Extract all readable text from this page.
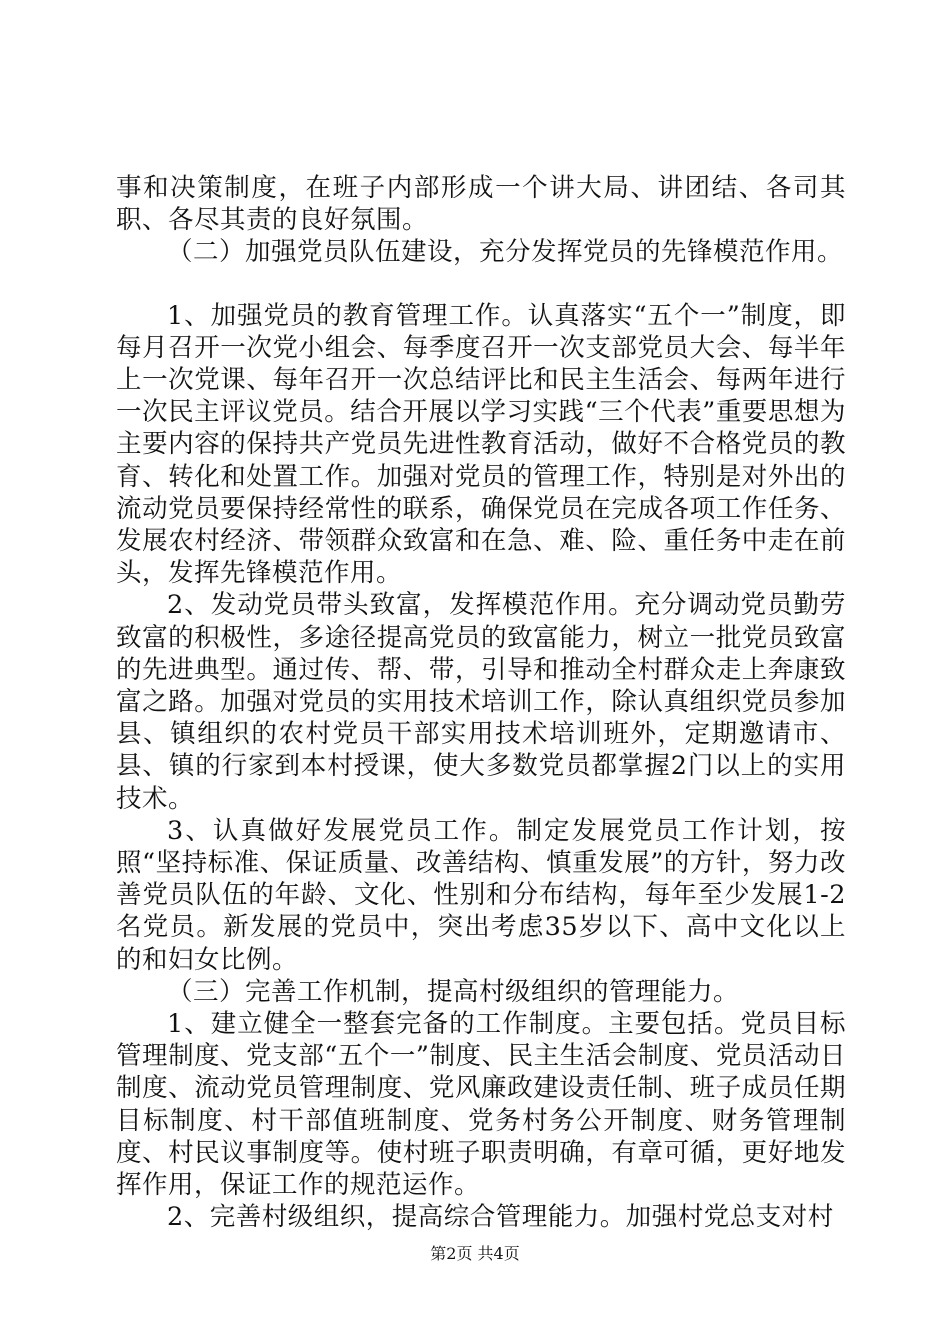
事和决策制度，在班子内部形成一个讲大局、讲团结、各司其职、各尽其责的良好氛围。

（二）加强党员队伍建设，充分发挥党员的先锋模范作用。

1、加强党员的教育管理工作。认真落实“五个一”制度，即每月召开一次党小组会、每季度召开一次支部党员大会、每半年上一次党课、每年召开一次总结评比和民主生活会、每两年进行一次民主评议党员。结合开展以学习实践“三个代表”重要思想为主要内容的保持共产党员先进性教育活动，做好不合格党员的教育、转化和处置工作。加强对党员的管理工作，特别是对外出的流动党员要保持经常性的联系，确保党员在完成各项工作任务、发展农村经济、带领群众致富和在急、难、险、重任务中走在前头，发挥先锋模范作用。

2、发动党员带头致富，发挥模范作用。充分调动党员勤劳致富的积极性，多途径提高党员的致富能力，树立一批党员致富的先进典型。通过传、帮、带，引导和推动全村群众走上奔康致富之路。加强对党员的实用技术培训工作，除认真组织党员参加县、镇组织的农村党员干部实用技术培训班外，定期邀请市、县、镇的行家到本村授课，使大多数党员都掌握2门以上的实用技术。

3、认真做好发展党员工作。制定发展党员工作计划，按照“坚持标准、保证质量、改善结构、慎重发展”的方针，努力改善党员队伍的年龄、文化、性别和分布结构，每年至少发展1-2名党员。新发展的党员中，突出考虑35岁以下、高中文化以上的和妇女比例。

（三）完善工作机制，提高村级组织的管理能力。

1、建立健全一整套完备的工作制度。主要包括。党员目标管理制度、党支部“五个一”制度、民主生活会制度、党员活动日制度、流动党员管理制度、党风廉政建设责任制、班子成员任期目标制度、村干部值班制度、党务村务公开制度、财务管理制度、村民议事制度等。使村班子职责明确，有章可循，更好地发挥作用，保证工作的规范运作。

2、完善村级组织，提高综合管理能力。加强村党总支对村

第2页 共4页
